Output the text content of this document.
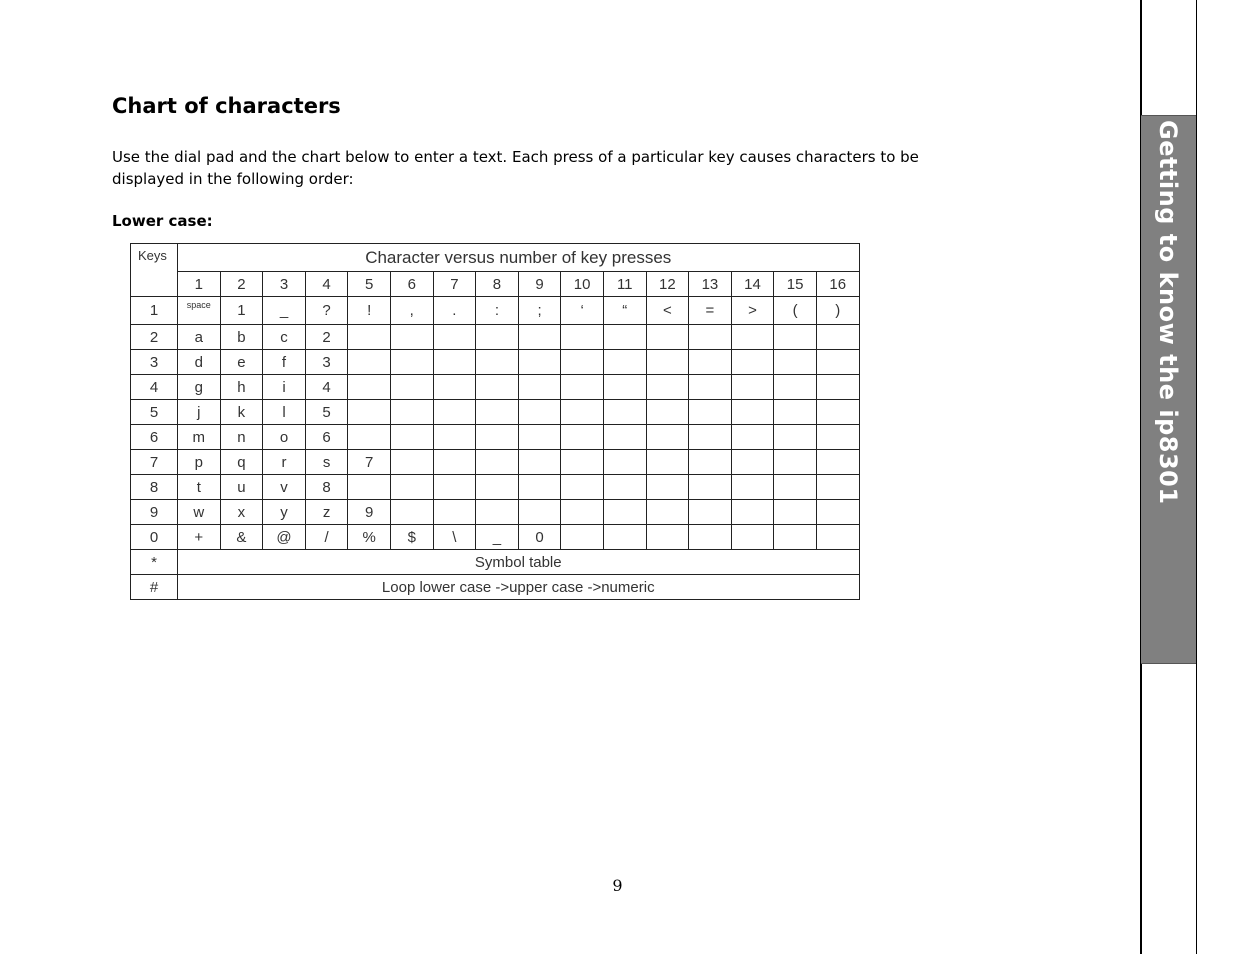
Chart of characters

Use the dial pad and the chart below to enter a text. Each press of a particular key causes characters to be displayed in the following order:

Lower case:
Keys	Character versus number of key presses															
	1	2	3	4	5	6	7	8	9	10	11	12	13	14	15	16
1	space	1	_	?	!	,	.	:	;	‘	“	<	=	>	(	)
2	a	b	c	2												
3	d	e	f	3												
4	g	h	i	4												
5	j	k	l	5												
6	m	n	o	6												
7	p	q	r	s	7											
8	t	u	v	8												
9	w	x	y	z	9											
0	+	&	@	/	%	$	\	_	0							
*	Symbol table															
#	Loop lower case ->upper case ->numeric															
Getting to know the ip8301
9
